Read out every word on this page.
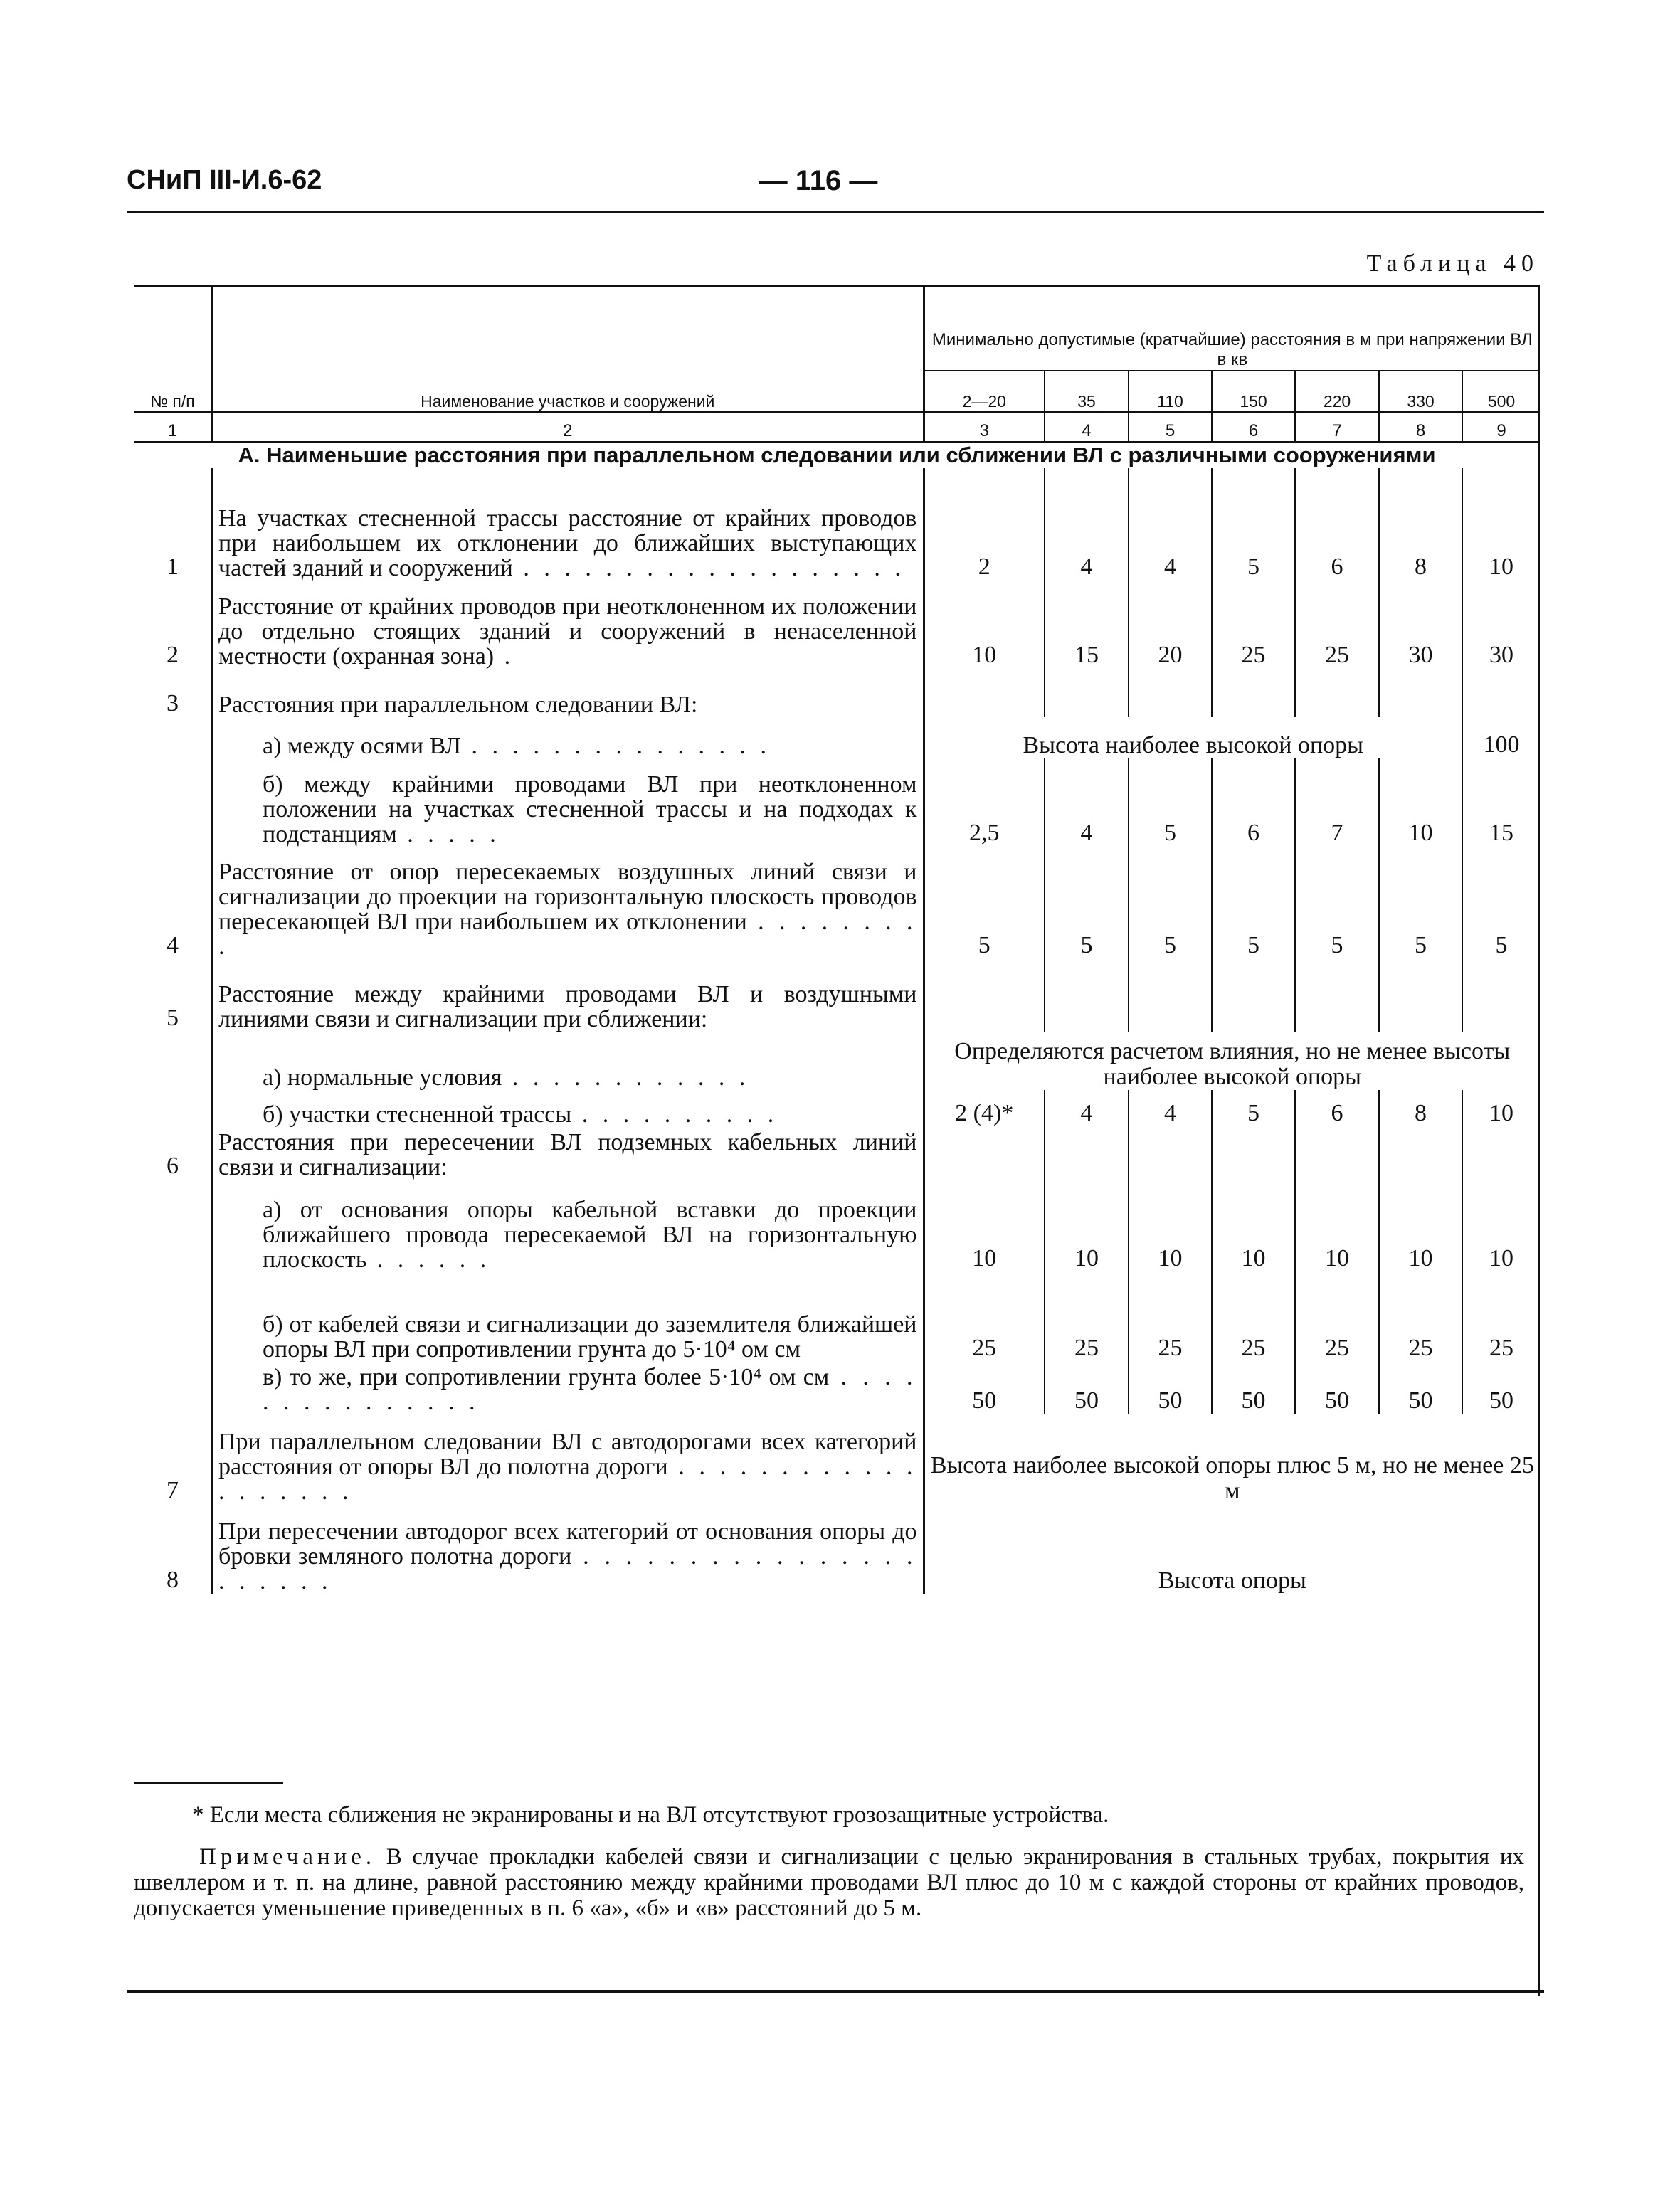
СНиП III-И.6-62	— 116 —
Таблица 40
№ п/п	Наименование участков и сооружений	Минимально допустимые (кратчайшие) расстояния в м при напряжении ВЛ в кв						
		2—20	35	110	150	220	330	500
1	2	3	4	5	6	7	8	9
А. Наименьшие расстояния при параллельном следовании или сближении ВЛ с различными сооружениями								
1	На участках стесненной трассы расстояние от крайних проводов при наибольшем их отклонении до ближайших выступающих частей зданий и сооружений . . . . . . . . . . . . . . . . . . .	2	4	4	5	6	8	10
2	Расстояние от крайних проводов при неотклоненном их положении до отдельно стоящих зданий и сооружений в ненаселенной местности (охранная зона) .	10	15	20	25	25	30	30
3	Расстояния при параллельном следовании ВЛ:							
	а) между осями ВЛ . . . . . . . . . . . . . . .	Высота наиболее высокой опоры						100
	б) между крайними проводами ВЛ при неотклоненном положении на участках стесненной трассы и на подходах к подстанциям . . . . .	2,5	4	5	6	7	10	15
4	Расстояние от опор пересекаемых воздушных линий связи и сигнализации до проекции на горизонтальную плоскость проводов пересекающей ВЛ при наибольшем их отклонении . . . . . . . . .	5	5	5	5	5	5	5
5	Расстояние между крайними проводами ВЛ и воздушными линиями связи и сигнализации при сближении:							
	а) нормальные условия . . . . . . . . . . . .	Определяются расчетом влияния, но не менее высоты наиболее высокой опоры						
	б) участки стесненной трассы . . . . . . . . . .	2 (4)*	4	4	5	6	8	10
6	Расстояния при пересечении ВЛ подземных кабельных линий связи и сигнализации:							
	а) от основания опоры кабельной вставки до проекции ближайшего провода пересекаемой ВЛ на горизонтальную плоскость . . . . . .	10	10	10	10	10	10	10
	б) от кабелей связи и сигнализации до заземлителя ближайшей опоры ВЛ при сопротивлении грунта до 5·10⁴ ом см	25	25	25	25	25	25	25
	в) то же, при сопротивлении грунта более 5·10⁴ ом см . . . . . . . . . . . . . . .	50	50	50	50	50	50	50
7	При параллельном следовании ВЛ с автодорогами всех категорий расстояния от опоры ВЛ до полотна дороги . . . . . . . . . . . . . . . . . . .	Высота наиболее высокой опоры плюс 5 м, но не менее 25 м						
8	При пересечении автодорог всех категорий от основания опоры до бровки земляного полотна дороги . . . . . . . . . . . . . . . . . . . . . .	Высота опоры						
* Если места сближения не экранированы и на ВЛ отсутствуют грозозащитные устройства.
Примечание. В случае прокладки кабелей связи и сигнализации с целью экранирования в стальных трубах, покрытия их швеллером и т. п. на длине, равной расстоянию между крайними проводами ВЛ плюс до 10 м с каждой стороны от крайних проводов, допускается уменьшение приведенных в п. 6 «а», «б» и «в» расстояний до 5 м.
